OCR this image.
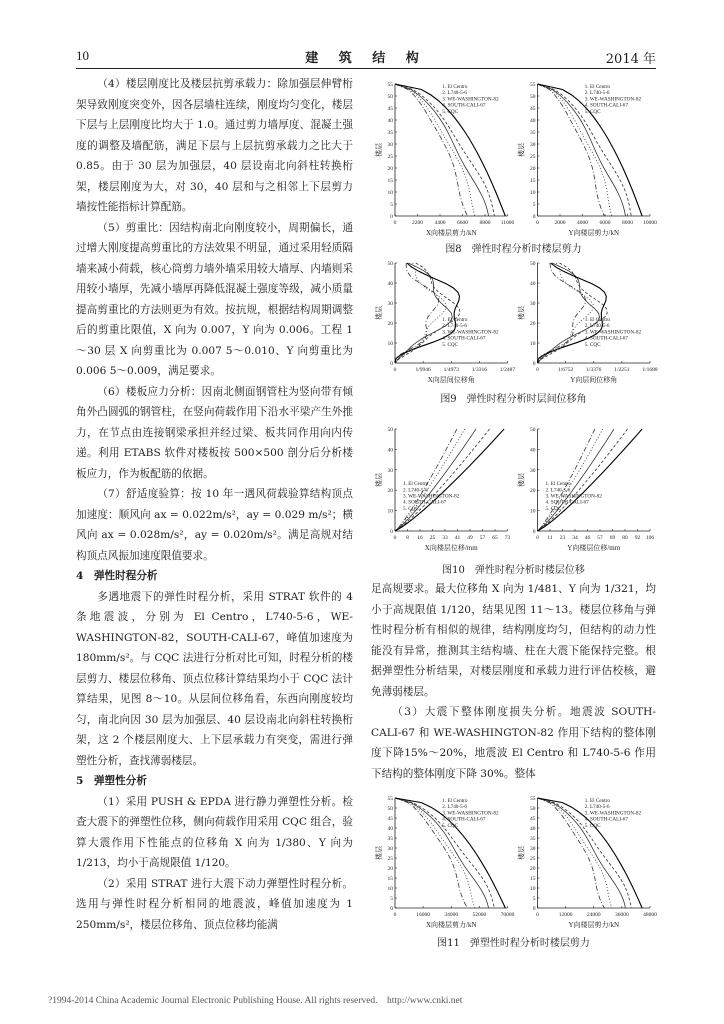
10	建 筑 结 构	2014 年

（4）楼层刚度比及楼层抗剪承载力：除加强层伸臂桁架导致刚度突变外，因各层墙柱连续，刚度均匀变化，楼层下层与上层刚度比均大于 1.0。通过剪力墙厚度、混凝土强度的调整及墙配筋，满足下层与上层抗剪承载力之比大于 0.85。由于 30 层为加强层，40 层设南北向斜柱转换桁架，楼层刚度为大，对 30，40 层和与之相邻上下层剪力墙按性能指标计算配筋。

（5）剪重比：因结构南北向刚度较小，周期偏长，通过增大刚度提高剪重比的方法效果不明显，通过采用轻质隔墙来减小荷载，核心筒剪力墙外墙采用较大墙厚、内墙则采用较小墙厚，先减小墙厚再降低混凝土强度等级，减小质量提高剪重比的方法则更为有效。按抗规，根据结构周期调整后的剪重比限值，X 向为 0.007，Y 向为 0.006。工程 1～30 层 X 向剪重比为 0.007 5～0.010、Y 向剪重比为 0.006 5～0.009，满足要求。

（6）楼板应力分析：因南北侧面钢管柱为竖向带有倾角外凸圆弧的钢管柱，在竖向荷载作用下沿水平梁产生外推力，在节点由连接钢梁承担并经过梁、板共同作用向内传递。利用 ETABS 软件对楼板按 500×500 剖分后分析楼板应力，作为板配筋的依据。

（7）舒适度验算：按 10 年一遇风荷载验算结构顶点加速度：顺风向 ax = 0.022m/s²，ay = 0.029 m/s²；横风向 ax = 0.028m/s²，ay = 0.020m/s²。满足高规对结构顶点风振加速度限值要求。

4　弹性时程分析

多遇地震下的弹性时程分析，采用 STRAT 软件的 4 条地震波，分别为 El Centro，L740-5-6，WE-WASHINGTON-82，SOUTH-CALI-67，峰值加速度为 180mm/s²。与 CQC 法进行分析对比可知，时程分析的楼层剪力、楼层位移角、顶点位移计算结果均小于 CQC 法计算结果，见图 8～10。从层间位移角看，东西向刚度较均匀，南北向因 30 层为加强层、40 层设南北向斜柱转换桁架，这 2 个楼层刚度大、上下层承载力有突变，需进行弹塑性分析，查找薄弱楼层。

5　弹塑性分析

（1）采用 PUSH & EPDA 进行静力弹塑性分析。检查大震下的弹塑性位移，侧向荷载作用采用 CQC 组合，验算大震作用下性能点的位移角 X 向为 1/380、Y 向为 1/213，均小于高规限值 1/120。

（2）采用 STRAT 进行大震下动力弹塑性时程分析。选用与弹性时程分析相同的地震波，峰值加速度为 1 250mm/s²，楼层位移角、顶点位移均能满

足高规要求。最大位移角 X 向为 1/481、Y 向为 1/321，均小于高规限值 1/120，结果见图 11～13。楼层位移角与弹性时程分析有相似的规律，结构刚度均匀，但结构的动力性能没有异常，推测其主结构墙、柱在大震下能保持完整。根据弹塑性分析结果，对楼层刚度和承载力进行评估校核，避免薄弱楼层。

（3）大震下整体刚度损失分析。地震波 SOUTH-CALI-67 和 WE-WASHINGTON-82 作用下结构的整体刚度下降15%～20%，地震波 El Centro 和 L740-5-6 作用下结构的整体刚度下降 30%。整体

55
50
45
40
35
30
25
20
15
10
5
0
0	2200 4400 6600 8800 11000
X向楼层剪力/kN
楼层
1. El Centro
2. L740-5-6
3. WE-WASHINGTON-82
4. SOUTH-CALI-67
5. CQC
55
50
45
40
35
30
25
20
15
10
5
0
0	2000 4000 6000 8000 10000
Y向楼层剪力/kN
楼层
1. El Centro
2. L740-5-6
3. WE-WASHINGTON-82
4. SOUTH-CALI-67
5. CQC
图8　弹性时程分析时楼层剪力
50
40
30
20
10
0
0	1/9946 1/4973 1/3316 1/2487
X向层间位移角
楼层	1. El Centro
2. L740-5-6
3. WE-WASHINGTON-82
4. SOUTH-CALI-67
5. CQC
50
40
30
20
10
0
0	1/6752 1/3376 1/2251 1/1688
Y向层间位移角
楼层	1. El Centro
2. L740-5-6
3. WE-WASHINGTON-82
4. SOUTH-CALI-67
5. CQC
图9　弹性时程分析时层间位移角
50
40
30
20
10
0
0 8 16 25 33 41 49 57 65 73
X向楼层位移/mm
楼层	1. El Centro
2. L740-5-6
3. WE-WASHINGTON-82
4. SOUTH-CALI-67
5. CQC
50
40
30
20
10
0
0 11 23 34 46 57 69 80 92 106
Y向楼层位移/mm
楼层	1. El Centro
2. L740-5-6
3. WE-WASHINGTON-82
4. SOUTH-CALI-67
5. CQC
图10　弹性时程分析时楼层位移
55
50
45
40
35
30
25
20
15
10
5
0
0	16000	34000	52000	70000
X向楼层剪力/kN
楼层
1. El Centro
2. L740-5-6
3. WE-WASHINGTON-82
4. SOUTH-CALI-67
5. CQC
55
50
45
40
35
30
25
20
15
10
5
0
0	12000	24000	36000	48000
Y向楼层剪力/kN
楼层
1. El Centro
2. L740-5-6
3. WE-WASHINGTON-82
4. SOUTH-CALI-67
5. CQC
图11　弹塑性时程分析时楼层剪力
?1994-2014 China Academic Journal Electronic Publishing House. All rights reserved.　http://www.cnki.net
